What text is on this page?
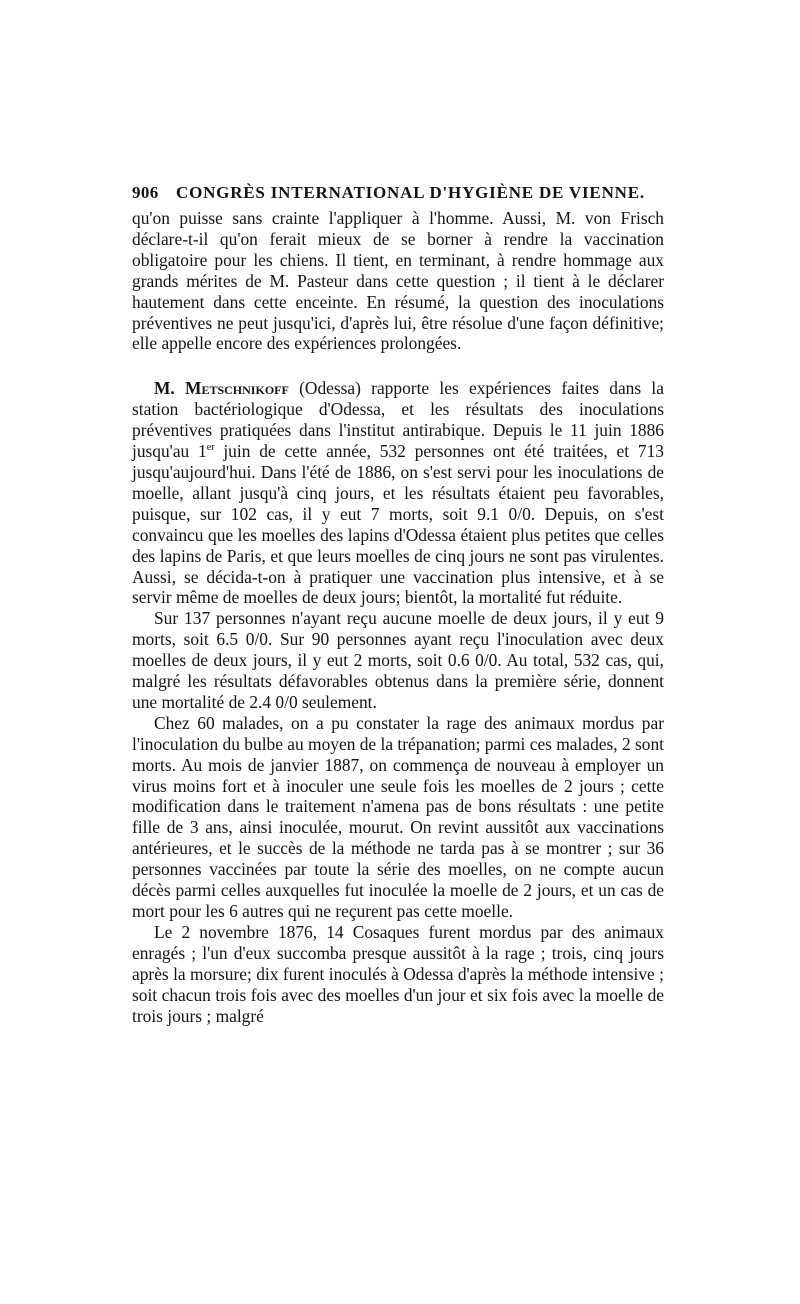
906	CONGRÈS INTERNATIONAL D'HYGIÈNE DE VIENNE.

qu'on puisse sans crainte l'appliquer à l'homme. Aussi, M. von Frisch déclare-t-il qu'on ferait mieux de se borner à rendre la vaccination obligatoire pour les chiens. Il tient, en terminant, à rendre hommage aux grands mérites de M. Pasteur dans cette question ; il tient à le déclarer hautement dans cette enceinte. En résumé, la question des inoculations préventives ne peut jusqu'ici, d'après lui, être résolue d'une façon définitive; elle appelle encore des expériences prolongées.

M. Metschnikoff (Odessa) rapporte les expériences faites dans la station bactériologique d'Odessa, et les résultats des inoculations préventives pratiquées dans l'institut antirabique. Depuis le 11 juin 1886 jusqu'au 1er juin de cette année, 532 personnes ont été traitées, et 713 jusqu'aujourd'hui. Dans l'été de 1886, on s'est servi pour les inoculations de moelle, allant jusqu'à cinq jours, et les résultats étaient peu favorables, puisque, sur 102 cas, il y eut 7 morts, soit 9.1 0/0. Depuis, on s'est convaincu que les moelles des lapins d'Odessa étaient plus petites que celles des lapins de Paris, et que leurs moelles de cinq jours ne sont pas virulentes. Aussi, se décida-t-on à pratiquer une vaccination plus intensive, et à se servir même de moelles de deux jours; bientôt, la mortalité fut réduite.

Sur 137 personnes n'ayant reçu aucune moelle de deux jours, il y eut 9 morts, soit 6.5 0/0. Sur 90 personnes ayant reçu l'inoculation avec deux moelles de deux jours, il y eut 2 morts, soit 0.6 0/0. Au total, 532 cas, qui, malgré les résultats défavorables obtenus dans la première série, donnent une mortalité de 2.4 0/0 seulement.

Chez 60 malades, on a pu constater la rage des animaux mordus par l'inoculation du bulbe au moyen de la trépanation; parmi ces malades, 2 sont morts. Au mois de janvier 1887, on commença de nouveau à employer un virus moins fort et à inoculer une seule fois les moelles de 2 jours ; cette modification dans le traitement n'amena pas de bons résultats : une petite fille de 3 ans, ainsi inoculée, mourut. On revint aussitôt aux vaccinations antérieures, et le succès de la méthode ne tarda pas à se montrer ; sur 36 personnes vaccinées par toute la série des moelles, on ne compte aucun décès parmi celles auxquelles fut inoculée la moelle de 2 jours, et un cas de mort pour les 6 autres qui ne reçurent pas cette moelle.

Le 2 novembre 1876, 14 Cosaques furent mordus par des animaux enragés ; l'un d'eux succomba presque aussitôt à la rage ; trois, cinq jours après la morsure; dix furent inoculés à Odessa d'après la méthode intensive ; soit chacun trois fois avec des moelles d'un jour et six fois avec la moelle de trois jours ; malgré
